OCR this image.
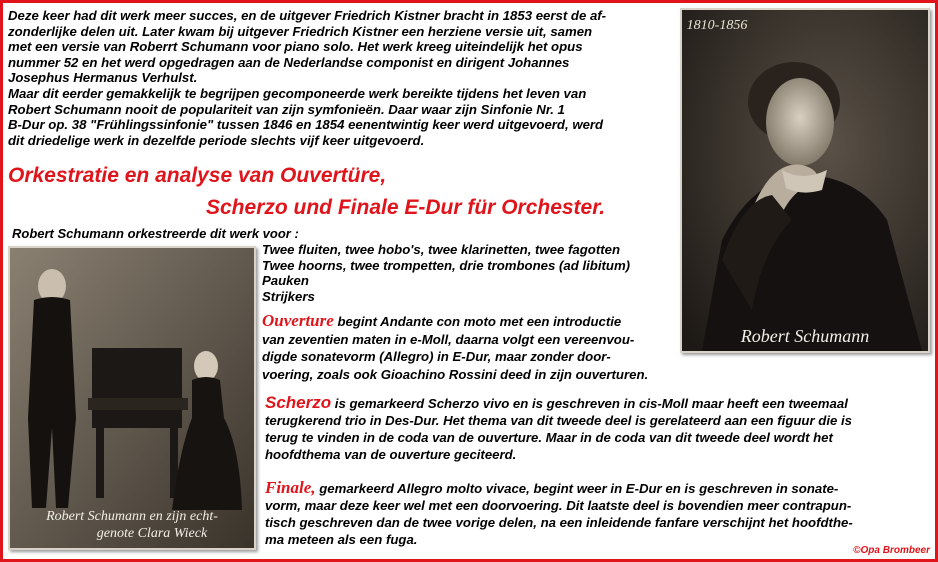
Deze keer had dit werk meer succes, en de uitgever Friedrich Kistner bracht in 1853 eerst de af-
zonderlijke delen uit. Later kwam bij uitgever Friedrich Kistner een herziene versie uit, samen
met een versie van Roberrt Schumann voor piano solo. Het werk kreeg uiteindelijk het opus
nummer 52 en het werd opgedragen aan de Nederlandse componist en dirigent Johannes
Josephus Hermanus Verhulst.
Maar dit eerder gemakkelijk te begrijpen gecomponeerde werk bereikte tijdens het leven van
Robert Schumann nooit de populariteit van zijn symfonieën. Daar waar zijn Sinfonie Nr. 1
B-Dur op. 38 "Frühlingssinfonie" tussen 1846 en 1854 eenentwintig keer werd uitgevoerd, werd
dit driedelige werk in dezelfde periode slechts vijf keer uitgevoerd.

Orkestratie en analyse van Ouvertüre,

Scherzo und Finale E-Dur für Orchester.

1810-1856
Robert Schumann
Robert Schumann orkestreerde dit werk voor :
Robert Schumann en zijn echt-
genote Clara Wieck
Twee fluiten, twee hobo's, twee klarinetten, twee fagotten
Twee hoorns, twee trompetten, drie trombones (ad libitum)
Pauken
Strijkers
Ouverture begint Andante con moto met een introductie
van zeventien maten in e-Moll, daarna volgt een vereenvou-
digde sonatevorm (Allegro) in E-Dur, maar zonder door-
voering, zoals ook Gioachino Rossini deed in zijn ouverturen.
Scherzo is gemarkeerd Scherzo vivo en is geschreven in cis-Moll maar heeft een tweemaal
terugkerend trio in Des-Dur. Het thema van dit tweede deel is gerelateerd aan een figuur die is
terug te vinden in de coda van de ouverture. Maar in de coda van dit tweede deel wordt het
hoofdthema van de ouverture geciteerd.
Finale, gemarkeerd Allegro molto vivace, begint weer in E-Dur en is geschreven in sonate-
vorm, maar deze keer wel met een doorvoering. Dit laatste deel is bovendien meer contrapun-
tisch geschreven dan de twee vorige delen, na een inleidende fanfare verschijnt het hoofdthe-
ma meteen als een fuga.

©Opa Brombeer
